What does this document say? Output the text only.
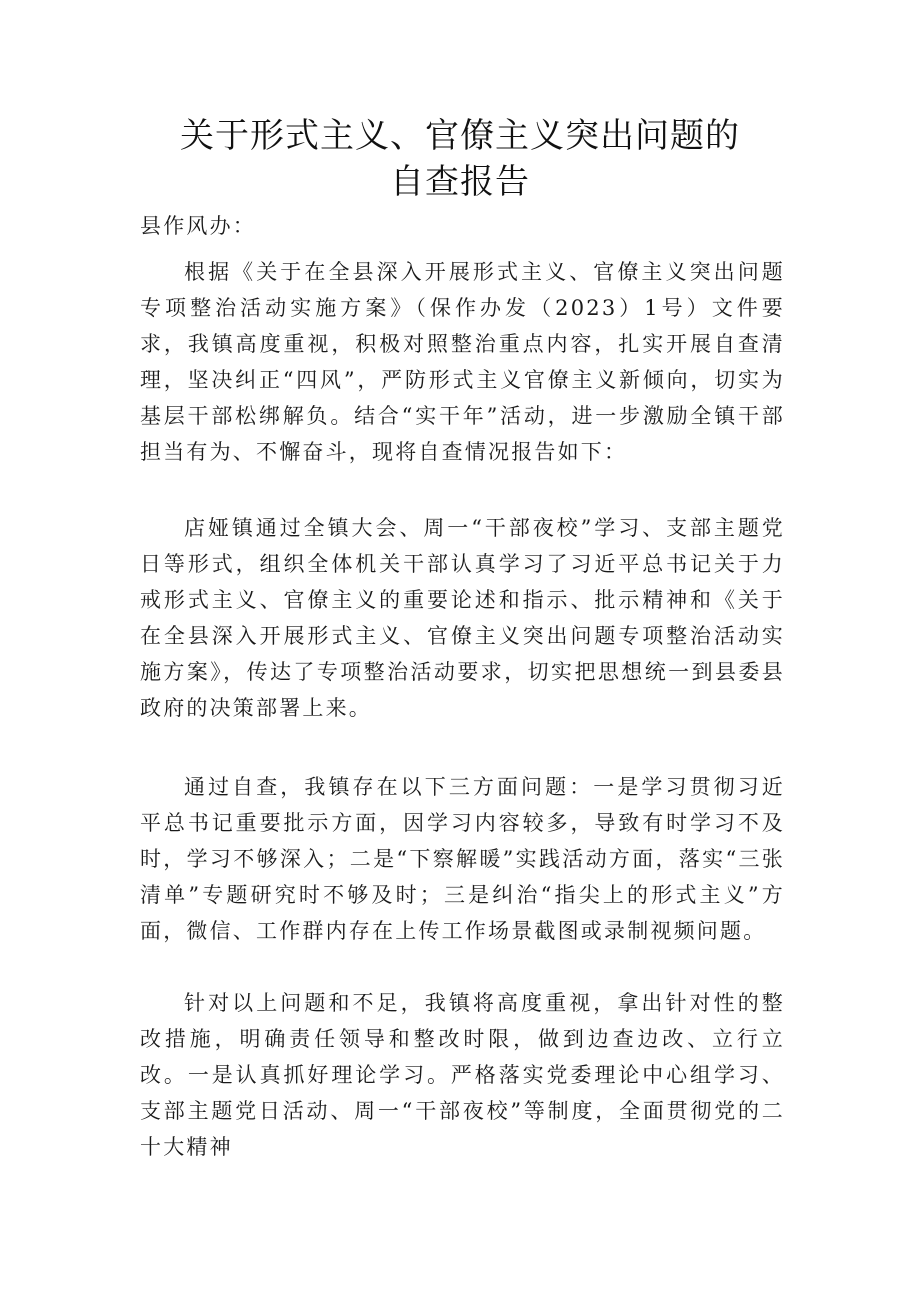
关于形式主义、官僚主义突出问题的
自查报告

县作风办：

根据《关于在全县深入开展形式主义、官僚主义突出问题专项整治活动实施方案》（保作办发（2023）1号）文件要求，我镇高度重视，积极对照整治重点内容，扎实开展自查清理，坚决纠正“四风”，严防形式主义官僚主义新倾向，切实为基层干部松绑解负。结合“实干年”活动，进一步激励全镇干部担当有为、不懈奋斗，现将自查情况报告如下：

店娅镇通过全镇大会、周一“干部夜校”学习、支部主题党日等形式，组织全体机关干部认真学习了习近平总书记关于力戒形式主义、官僚主义的重要论述和指示、批示精神和《关于在全县深入开展形式主义、官僚主义突出问题专项整治活动实施方案》，传达了专项整治活动要求，切实把思想统一到县委县政府的决策部署上来。

通过自查，我镇存在以下三方面问题：一是学习贯彻习近平总书记重要批示方面，因学习内容较多，导致有时学习不及时，学习不够深入；二是“下察解暖”实践活动方面，落实“三张清单”专题研究时不够及时；三是纠治“指尖上的形式主义”方面，微信、工作群内存在上传工作场景截图或录制视频问题。

针对以上问题和不足，我镇将高度重视，拿出针对性的整改措施，明确责任领导和整改时限，做到边查边改、立行立改。一是认真抓好理论学习。严格落实党委理论中心组学习、支部主题党日活动、周一“干部夜校”等制度，全面贯彻党的二十大精神
